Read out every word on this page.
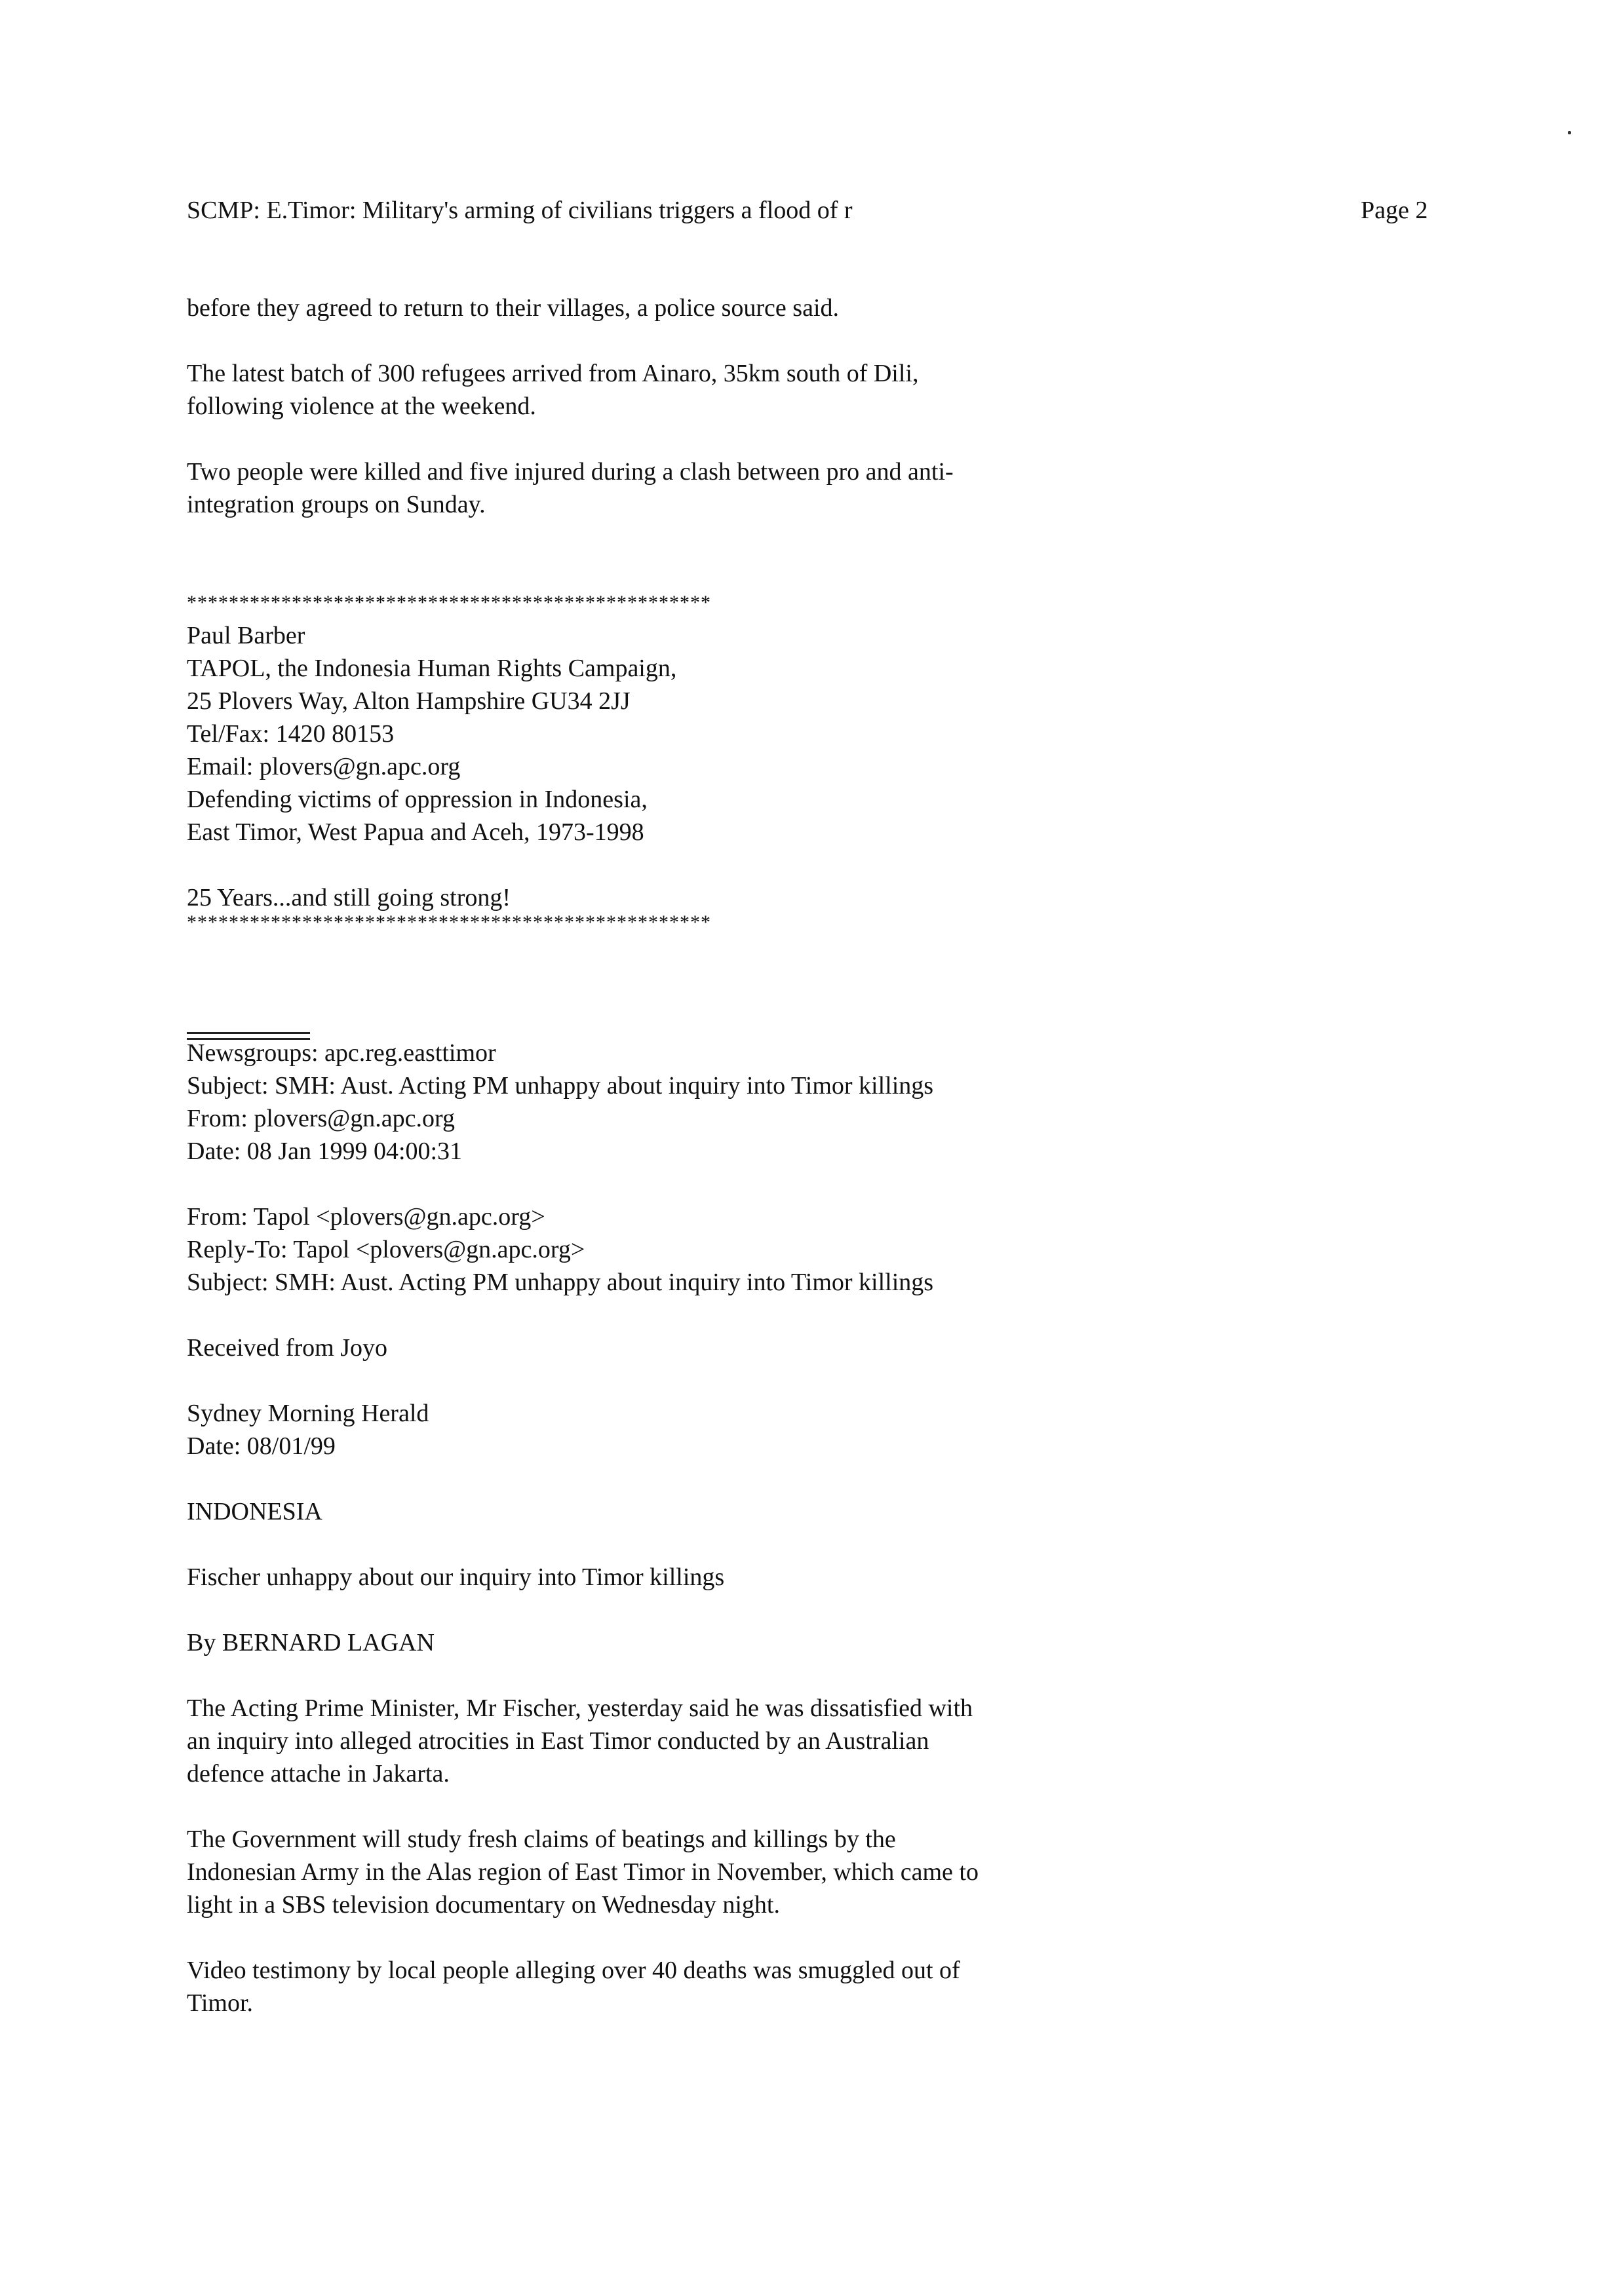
SCMP: E.Timor: Military's arming of civilians triggers a flood of r	Page 2
before they agreed to return to their villages, a police source said.
The latest batch of 300 refugees arrived from Ainaro, 35km south of Dili,
following violence at the weekend.
Two people were killed and five injured during a clash between pro and anti-
integration groups on Sunday.
**************************************************
Paul Barber
TAPOL, the Indonesia Human Rights Campaign,
25 Plovers Way, Alton Hampshire GU34 2JJ
Tel/Fax: 1420 80153
Email: plovers@gn.apc.org
Defending victims of oppression in Indonesia,
East Timor, West Papua and Aceh, 1973-1998
25 Years...and still going strong!
**************************************************
Newsgroups: apc.reg.easttimor
Subject: SMH: Aust. Acting PM unhappy about inquiry into Timor killings
From: plovers@gn.apc.org
Date: 08 Jan 1999 04:00:31
From: Tapol <plovers@gn.apc.org>
Reply-To: Tapol <plovers@gn.apc.org>
Subject: SMH: Aust. Acting PM unhappy about inquiry into Timor killings
Received from Joyo
Sydney Morning Herald
Date: 08/01/99
INDONESIA
Fischer unhappy about our inquiry into Timor killings
By BERNARD LAGAN
The Acting Prime Minister, Mr Fischer, yesterday said he was dissatisfied with
an inquiry into alleged atrocities in East Timor conducted by an Australian
defence attache in Jakarta.
The Government will study fresh claims of beatings and killings by the
Indonesian Army in the Alas region of East Timor in November, which came to
light in a SBS television documentary on Wednesday night.
Video testimony by local people alleging over 40 deaths was smuggled out of
Timor.
